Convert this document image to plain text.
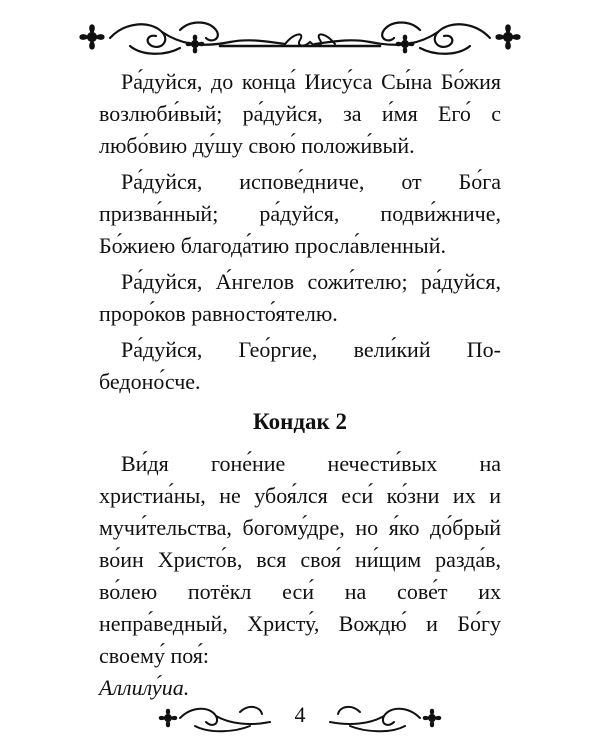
Ра́дуйся, до конца́ Иису́са Сы́на Бо́жия возлюби́вый; ра́дуйся, за и́мя Его́ с любо́вию ду́шу свою́ положи́вый.

Ра́дуйся, испове́дниче, от Бо́га призва́нный; ра́дуйся, подви́жниче, Бо́жиею благода́тию просла́вленный.

Ра́дуйся, А́нгелов сожи́телю; ра́дуйся, проро́ков равносто́ятелю.

Ра́дуйся, Гео́ргие, вели́кий Победоно́сче.

Кондак 2

Ви́дя гоне́ние нечести́вых на христиа́ны, не убоя́лся еси́ ко́зни их и мучи́тельства, богому́дре, но я́ко до́брый во́ин Христо́в, вся своя́ ни́щим разда́в, во́лею потёкл еси́ на сове́т их непра́ведный, Христу́, Вождю́ и Бо́гу своему́ поя́:

Аллилу́иа.

4
